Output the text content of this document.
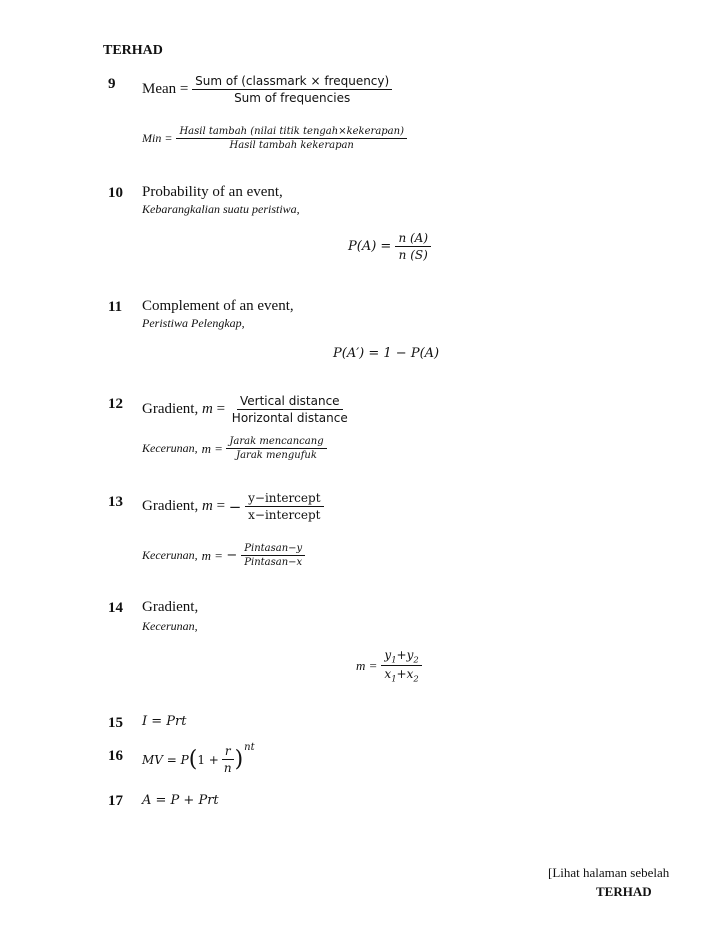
TERHAD
9 Mean =
$\frac{\text{Sum of (classmark × frequency)}}{\text{Sum of frequencies}}$
Min =
$\frac{\text{Hasil tambah (nilai titik tengah×kekerapan)}}{\text{Hasil tambah kekerapan}}$
10 Probability of an event,
Kebarangkalian suatu peristiwa,
P(A) =
$\frac{n (A)}{n (S)}$
11 Complement of an event,
Peristiwa Pelengkap,
P(A′) = 1 − P(A)
12 Gradient,
m
=
$\frac{\text{Vertical distance}}{\text{Horizontal distance}}$
Kecerunan,
m
=
$\frac{\text{Jarak mencancang}}{\text{Jarak mengufuk}}$
13 Gradient,
m
=
−
$\frac{\text{y−intercept}}{\text{x−intercept}}$
Kecerunan,
m
=
−
$\frac{\text{Pintasan−y}}{\text{Pintasan−x}}$
14 Gradient,
Kecerunan,
m =
$\frac{y_1+y_2}{x_1+x_2}$
15 I = Prt
16 MV = P ( $1 + \frac{r}{n}$ ) nt
17 A = P + Prt
[Lihat halaman sebelah
TERHAD
